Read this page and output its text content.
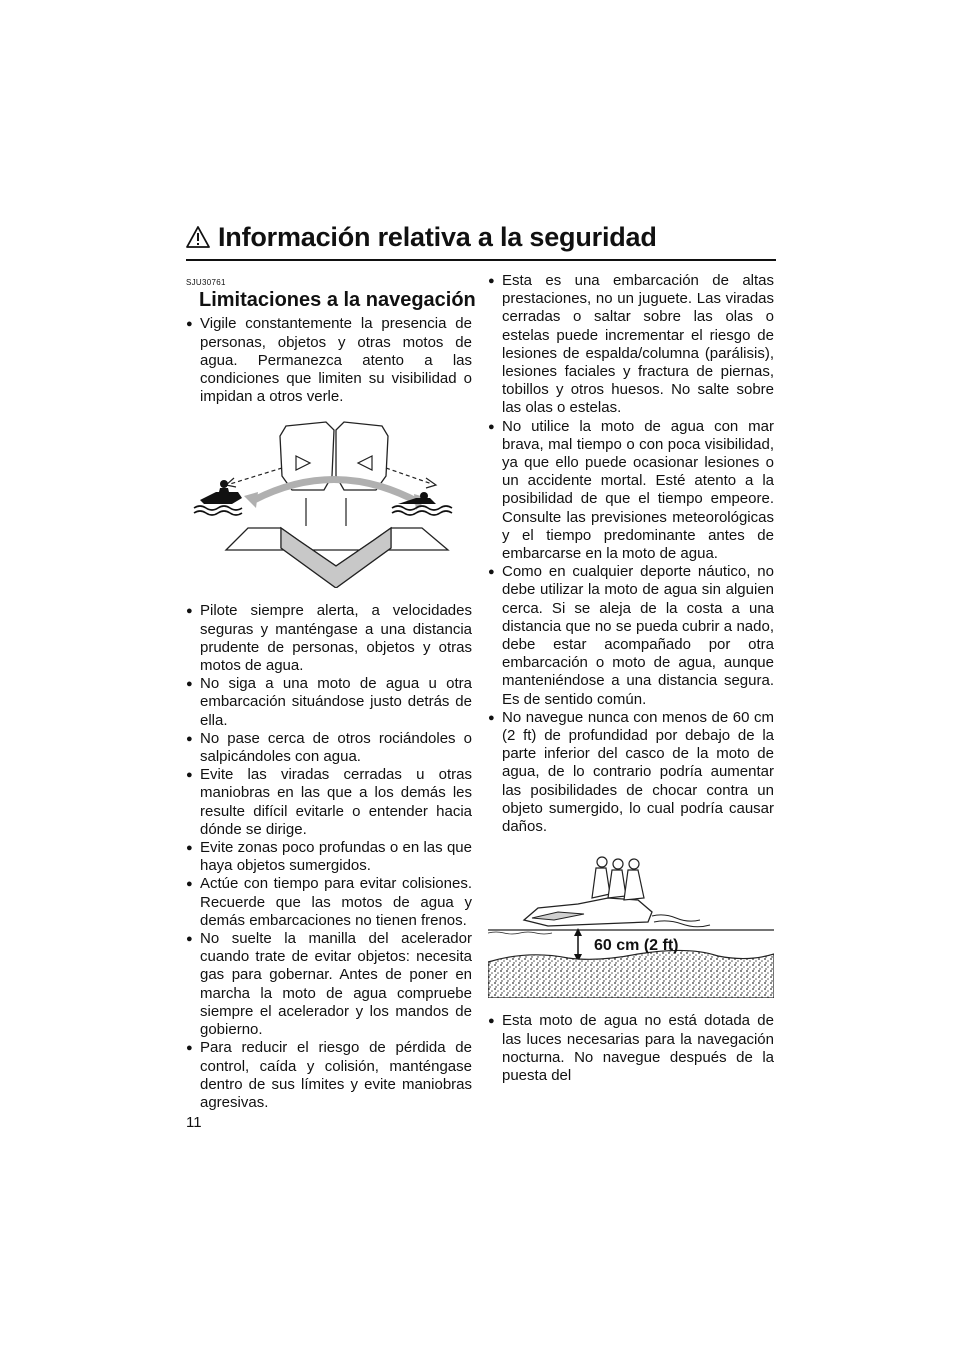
Información relativa a la seguridad
SJU30761
Limitaciones a la navegación
● Vigile constantemente la presencia de personas, objetos y otras motos de agua. Permanezca atento a las condiciones que limiten su visibilidad o impidan a otros verle.
● Pilote siempre alerta, a velocidades seguras y manténgase a una distancia prudente de personas, objetos y otras motos de agua.
● No siga a una moto de agua u otra embarcación situándose justo detrás de ella.
● No pase cerca de otros rociándoles o salpicándoles con agua.
● Evite las viradas cerradas u otras maniobras en las que a los demás les resulte difícil evitarle o entender hacia dónde se dirige.
● Evite zonas poco profundas o en las que haya objetos sumergidos.
● Actúe con tiempo para evitar colisiones. Recuerde que las motos de agua y demás embarcaciones no tienen frenos.
● No suelte la manilla del acelerador cuando trate de evitar objetos: necesita gas para gobernar. Antes de poner en marcha la moto de agua compruebe siempre el acelerador y los mandos de gobierno.
● Para reducir el riesgo de pérdida de control, caída y colisión, manténgase dentro de sus límites y evite maniobras agresivas.
● Esta es una embarcación de altas prestaciones, no un juguete. Las viradas cerradas o saltar sobre las olas o estelas puede incrementar el riesgo de lesiones de espalda/columna (parálisis), lesiones faciales y fractura de piernas, tobillos y otros huesos. No salte sobre las olas o estelas.
● No utilice la moto de agua con mar brava, mal tiempo o con poca visibilidad, ya que ello puede ocasionar lesiones o un accidente mortal. Esté atento a la posibilidad de que el tiempo empeore. Consulte las previsiones meteorológicas y el tiempo predominante antes de embarcarse en la moto de agua.
● Como en cualquier deporte náutico, no debe utilizar la moto de agua sin alguien cerca. Si se aleja de la costa a una distancia que no se pueda cubrir a nado, debe estar acompañado por otra embarcación o moto de agua, aunque manteniéndose a una distancia segura. Es de sentido común.
● No navegue nunca con menos de 60 cm (2 ft) de profundidad por debajo de la parte inferior del casco de la moto de agua, de lo contrario podría aumentar las posibilidades de chocar contra un objeto sumergido, lo cual podría causar daños.
60 cm (2 ft)
● Esta moto de agua no está dotada de las luces necesarias para la navegación nocturna. No navegue después de la puesta del
11
